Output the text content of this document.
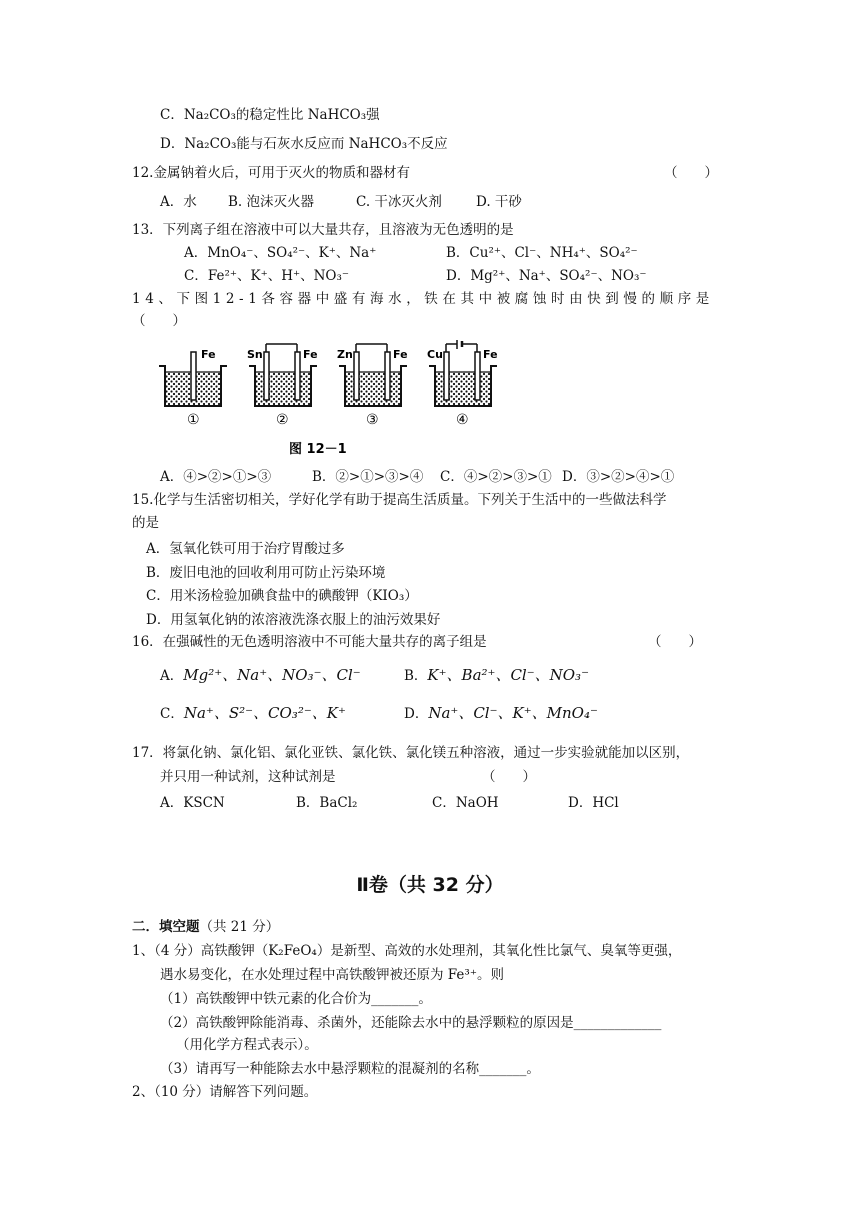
C．Na₂CO₃的稳定性比 NaHCO₃强
D．Na₂CO₃能与石灰水反应而 NaHCO₃不反应
12.金属钠着火后，可用于灭火的物质和器材有	（　　）
A．水 B. 泡沫灭火器	C. 干冰灭火剂	D. 干砂
13．下列离子组在溶液中可以大量共存，且溶液为无色透明的是
A．MnO₄⁻、SO₄²⁻、K⁺、Na⁺	B．Cu²⁺、Cl⁻、NH₄⁺、SO₄²⁻
C．Fe²⁺、K⁺、H⁺、NO₃⁻	D．Mg²⁺、Na⁺、SO₄²⁻、NO₃⁻
14、下图12-1各容器中盛有海水，铁在其中被腐蚀时由快到慢的顺序是
（　　）
Fe
①
Sn	Fe
②
Zn	Fe
③
Cu	Fe
④
图 12－1
A．④>②>①>③	B．②>①>③>④ C．④>②>③>① D．③>②>④>①
15.化学与生活密切相关，学好化学有助于提高生活质量。下列关于生活中的一些做法科学
的是
A．氢氧化铁可用于治疗胃酸过多
B．废旧电池的回收利用可防止污染环境
C．用米汤检验加碘食盐中的碘酸钾（KIO₃）
D．用氢氧化钠的浓溶液洗涤衣服上的油污效果好
16．在强碱性的无色透明溶液中不可能大量共存的离子组是	（　　）
A．Mg²⁺、Na⁺、NO₃⁻、Cl⁻	B．K⁺、Ba²⁺、Cl⁻、NO₃⁻
C．Na⁺、S²⁻、CO₃²⁻、K⁺	D．Na⁺、Cl⁻、K⁺、MnO₄⁻
17．将氯化钠、氯化铝、氯化亚铁、氯化铁、氯化镁五种溶液，通过一步实验就能加以区别，
并只用一种试剂，这种试剂是	（　　）
A．KSCN	B．BaCl₂	C．NaOH	D．HCl
Ⅱ卷（共 32 分）
二．填空题（共 21 分）
1、（4 分）高铁酸钾（K₂FeO₄）是新型、高效的水处理剂，其氧化性比氯气、臭氧等更强，
遇水易变化，在水处理过程中高铁酸钾被还原为 Fe³⁺。则
（1）高铁酸钾中铁元素的化合价为_______。
（2）高铁酸钾除能消毒、杀菌外，还能除去水中的悬浮颗粒的原因是_____________
（用化学方程式表示）。
（3）请再写一种能除去水中悬浮颗粒的混凝剂的名称_______。
2、（10 分）请解答下列问题。
